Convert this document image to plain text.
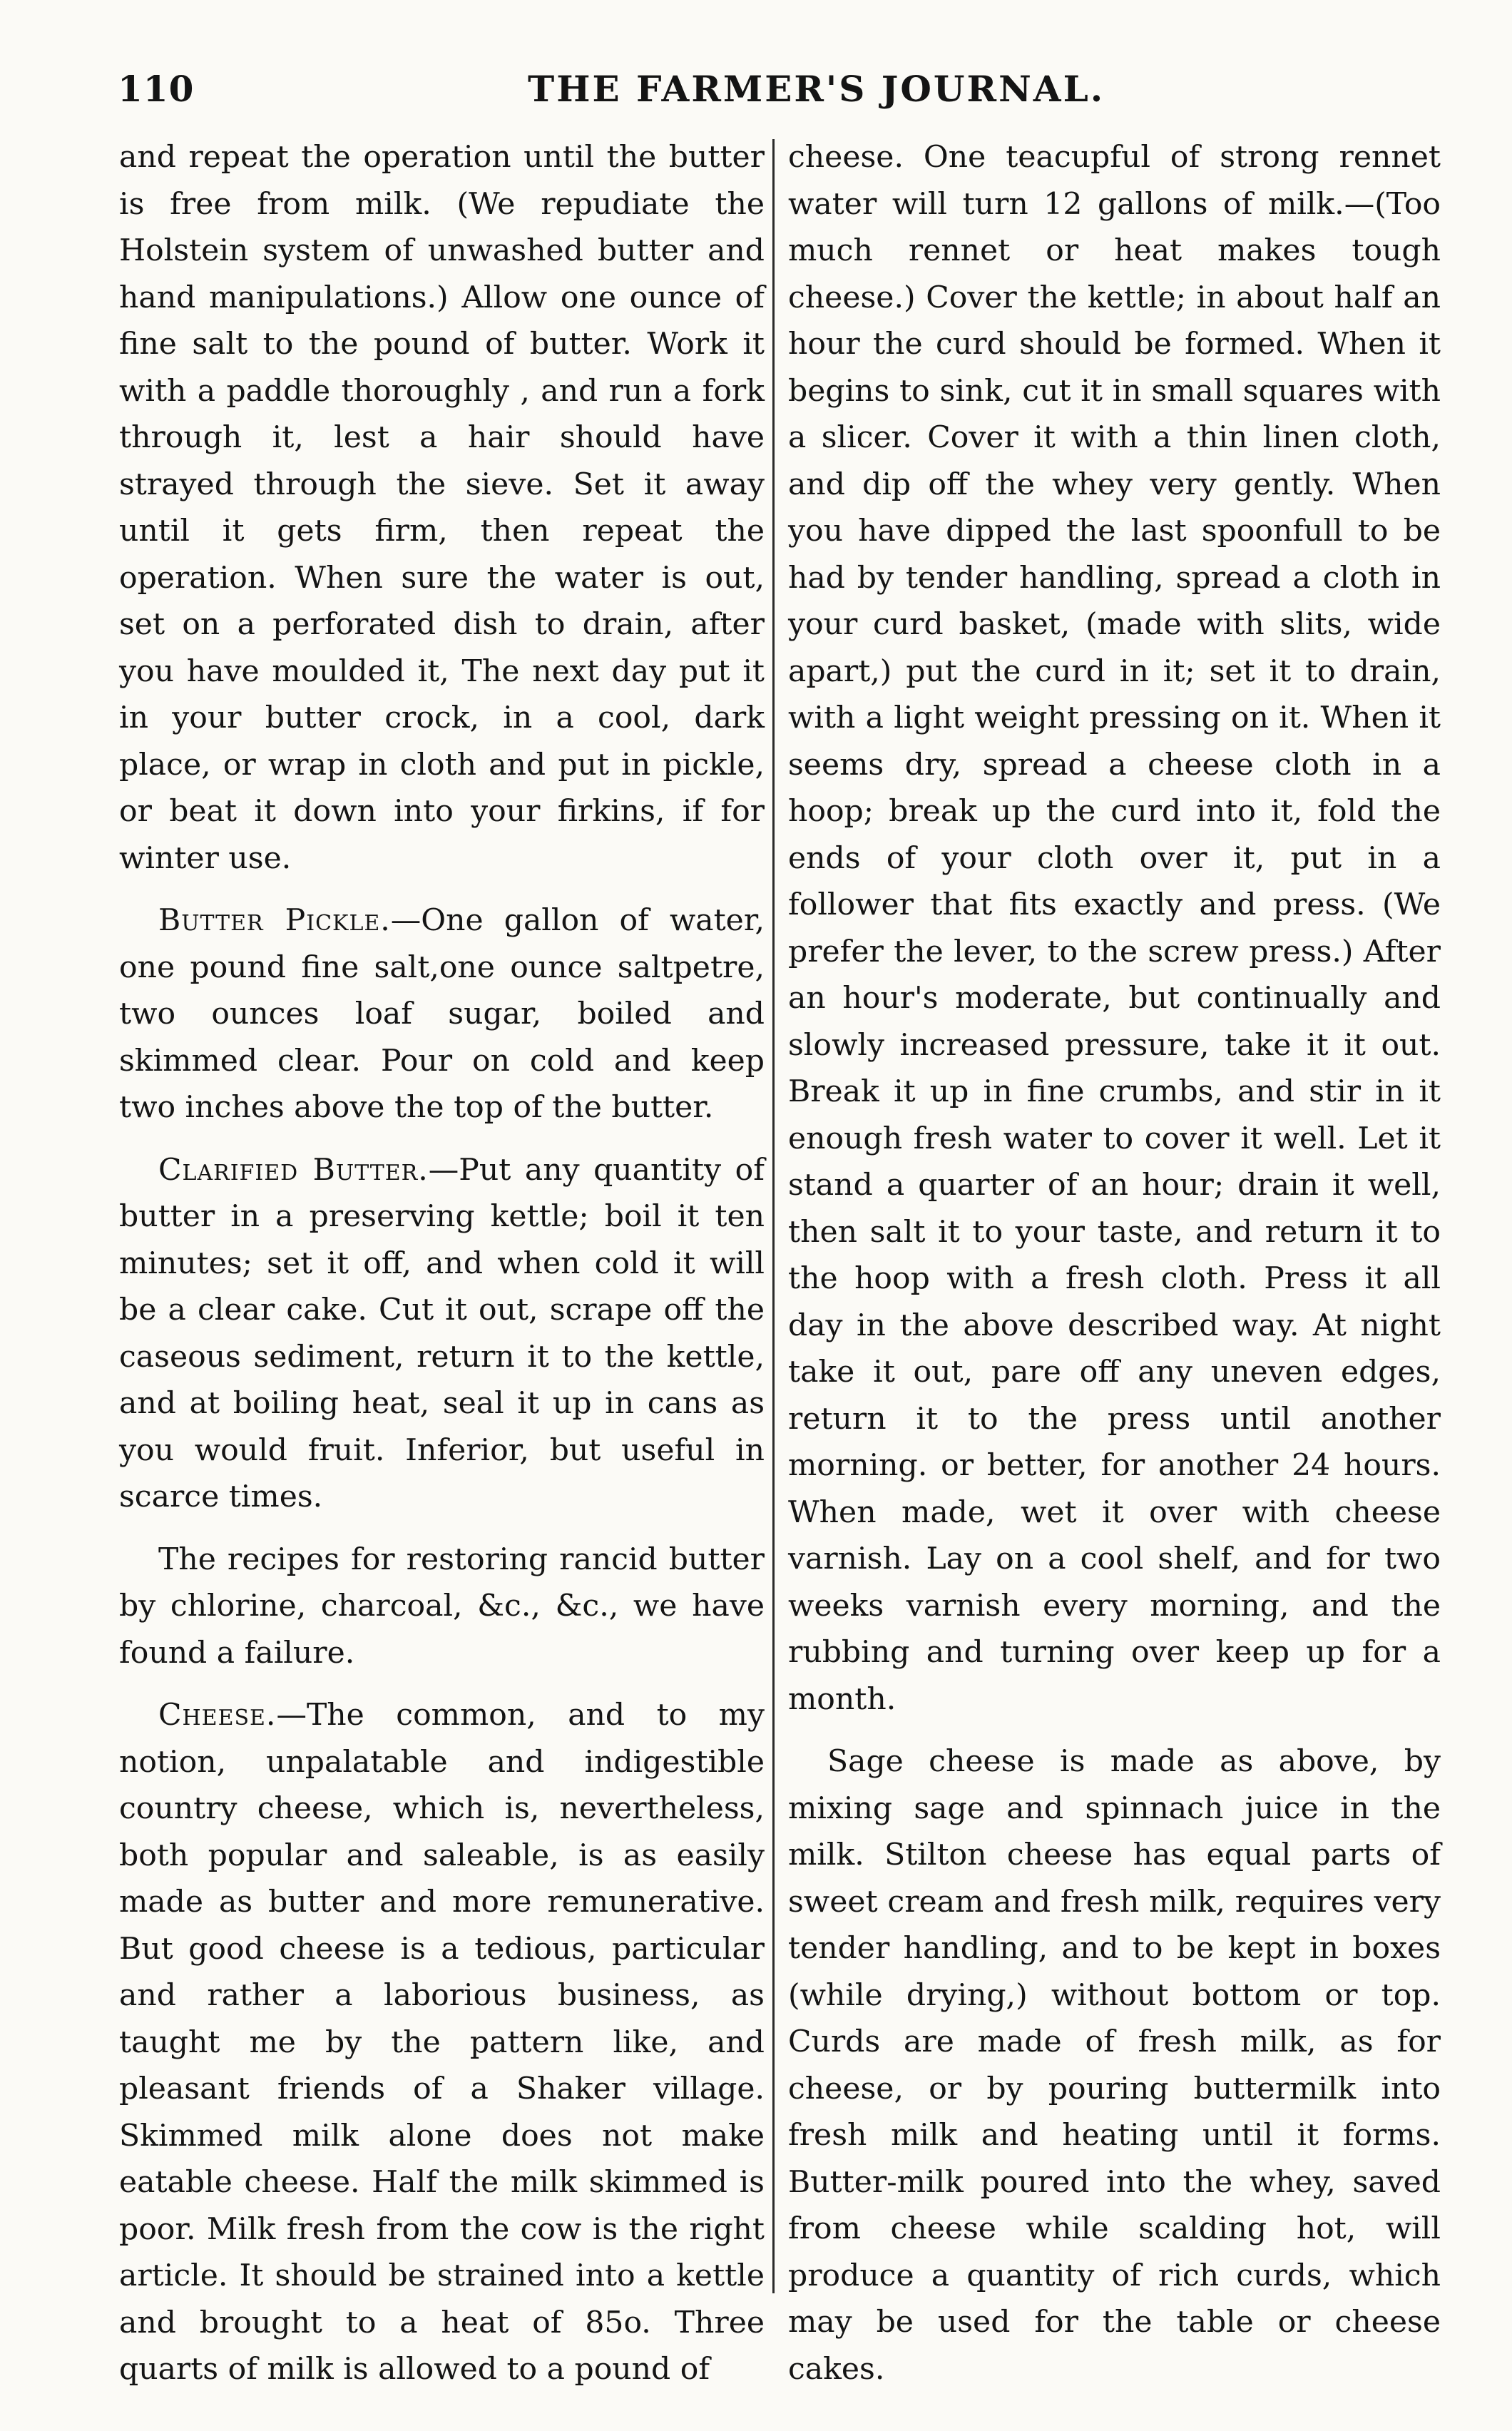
110	THE FARMER'S JOURNAL.

and repeat the operation until the butter is free from milk. (We repudiate the Holstein system of unwashed butter and hand manipulations.) Allow one ounce of fine salt to the pound of butter. Work it with a paddle thoroughly , and run a fork through it, lest a hair should have strayed through the sieve. Set it away until it gets firm, then repeat the operation. When sure the water is out, set on a perforated dish to drain, after you have moulded it, The next day put it in your butter crock, in a cool, dark place, or wrap in cloth and put in pickle, or beat it down into your firkins, if for winter use.

Butter Pickle.—One gallon of water, one pound fine salt,one ounce saltpetre, two ounces loaf sugar, boiled and skimmed clear. Pour on cold and keep two inches above the top of the butter.

Clarified Butter.—Put any quantity of butter in a preserving kettle; boil it ten minutes; set it off, and when cold it will be a clear cake. Cut it out, scrape off the caseous sediment, return it to the kettle, and at boiling heat, seal it up in cans as you would fruit. Inferior, but useful in scarce times.

The recipes for restoring rancid butter by chlorine, charcoal, &c., &c., we have found a failure.

Cheese.—The common, and to my notion, unpalatable and indigestible country cheese, which is, nevertheless, both popular and saleable, is as easily made as butter and more remunerative. But good cheese is a tedious, particular and rather a laborious business, as taught me by the pattern like, and pleasant friends of a Shaker village. Skimmed milk alone does not make eatable cheese. Half the milk skimmed is poor. Milk fresh from the cow is the right article. It should be strained into a kettle and brought to a heat of 85o. Three quarts of milk is allowed to a pound of

cheese. One teacupful of strong rennet water will turn 12 gallons of milk.—(Too much rennet or heat makes tough cheese.) Cover the kettle; in about half an hour the curd should be formed. When it begins to sink, cut it in small squares with a slicer. Cover it with a thin linen cloth, and dip off the whey very gently. When you have dipped the last spoonfull to be had by tender handling, spread a cloth in your curd basket, (made with slits, wide apart,) put the curd in it; set it to drain, with a light weight pressing on it. When it seems dry, spread a cheese cloth in a hoop; break up the curd into it, fold the ends of your cloth over it, put in a follower that fits exactly and press. (We prefer the lever, to the screw press.) After an hour's moderate, but continually and slowly increased pressure, take it it out. Break it up in fine crumbs, and stir in it enough fresh water to cover it well. Let it stand a quarter of an hour; drain it well, then salt it to your taste, and return it to the hoop with a fresh cloth. Press it all day in the above described way. At night take it out, pare off any uneven edges, return it to the press until another morning. or better, for another 24 hours. When made, wet it over with cheese varnish. Lay on a cool shelf, and for two weeks varnish every morning, and the rubbing and turning over keep up for a month.

Sage cheese is made as above, by mixing sage and spinnach juice in the milk. Stilton cheese has equal parts of sweet cream and fresh milk, requires very tender handling, and to be kept in boxes (while drying,) without bottom or top. Curds are made of fresh milk, as for cheese, or by pouring buttermilk into fresh milk and heating until it forms. Butter-milk poured into the whey, saved from cheese while scalding hot, will produce a quantity of rich curds, which may be used for the table or cheese cakes.
